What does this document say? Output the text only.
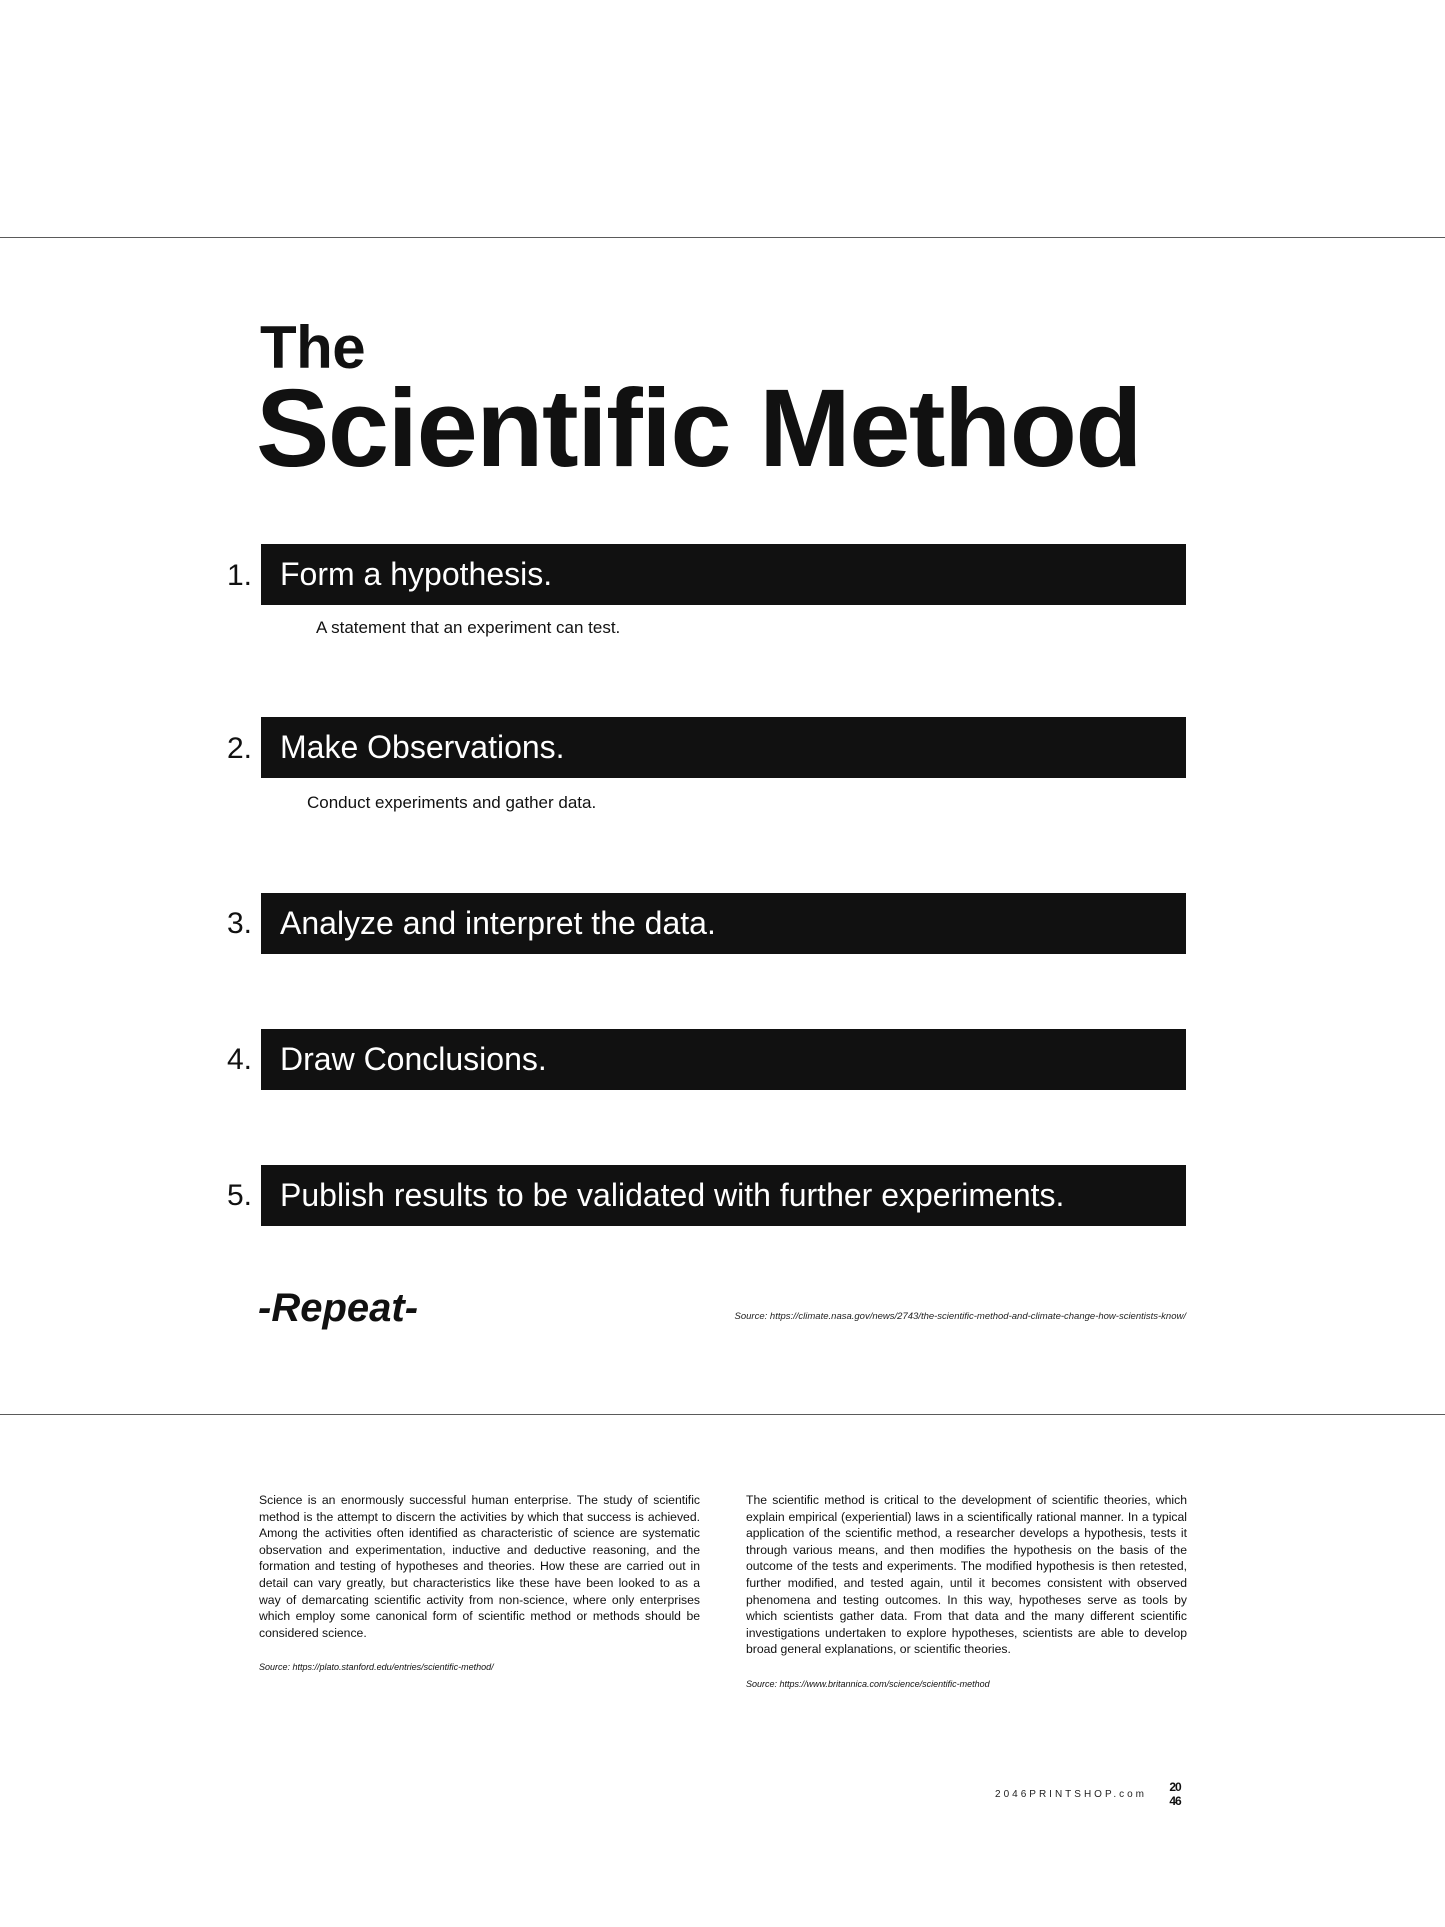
The
Scientific Method
1. Form a hypothesis.
A statement that an experiment can test.
2. Make Observations.
Conduct experiments and gather data.
3. Analyze and interpret the data.
4. Draw Conclusions.
5. Publish results to be validated with further experiments.
-Repeat-	Source: https://climate.nasa.gov/news/2743/the-scientific-method-and-climate-change-how-scientists-know/

Science is an enormously successful human enterprise. The study of scientific method is the attempt to discern the activities by which that success is achieved. Among the activities often identified as characteristic of science are systematic observation and experimentation, inductive and deductive reasoning, and the formation and testing of hypotheses and theories. How these are carried out in detail can vary greatly, but characteristics like these have been looked to as a way of demarcating scientific activity from non-science, where only enterprises which employ some canonical form of scientific method or methods should be considered science.

Source: https://plato.stanford.edu/entries/scientific-method/

The scientific method is critical to the development of scientific theories, which explain empirical (experiential) laws in a scientifically rational manner. In a typical application of the scientific method, a researcher develops a hypothesis, tests it through various means, and then modifies the hypothesis on the basis of the outcome of the tests and experiments. The modified hypothesis is then retested, further modified, and tested again, until it becomes consistent with observed phenomena and testing outcomes. In this way, hypotheses serve as tools by which scientists gather data. From that data and the many different scientific investigations undertaken to explore hypotheses, scientists are able to develop broad general explanations, or scientific theories.

Source: https://www.britannica.com/science/scientific-method

2046PRINTSHOP.com
20
46
